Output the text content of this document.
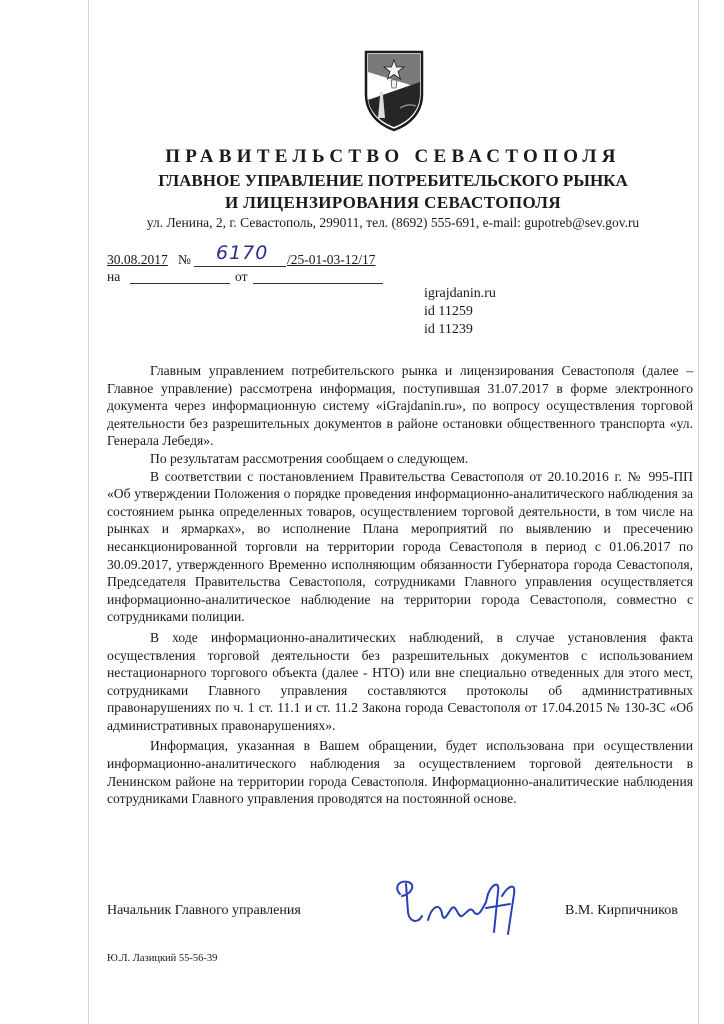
ПРАВИТЕЛЬСТВО СЕВАСТОПОЛЯ
ГЛАВНОЕ УПРАВЛЕНИЕ ПОТРЕБИТЕЛЬСКОГО РЫНКА
И ЛИЦЕНЗИРОВАНИЯ СЕВАСТОПОЛЯ
ул. Ленина, 2, г. Севастополь, 299011, тел. (8692) 555-691, e-mail: gupotreb@sev.gov.ru
30.08.2017 № 6170 /25-01-03-12/17
на	от
igrajdanin.ru
id 11259
id 11239

Главным управлением потребительского рынка и лицензирования Севастополя (далее – Главное управление) рассмотрена информация, поступившая 31.07.2017 в форме электронного документа через информационную систему «iGrajdanin.ru», по вопросу осуществления торговой деятельности без разрешительных документов в районе остановки общественного транспорта «ул. Генерала Лебедя».

По результатам рассмотрения сообщаем о следующем.

В соответствии с постановлением Правительства Севастополя от 20.10.2016 г. № 995-ПП «Об утверждении Положения о порядке проведения информационно-аналитического наблюдения за состоянием рынка определенных товаров, осуществлением торговой деятельности, в том числе на рынках и ярмарках», во исполнение Плана мероприятий по выявлению и пресечению несанкционированной торговли на территории города Севастополя в период с 01.06.2017 по 30.09.2017, утвержденного Временно исполняющим обязанности Губернатора города Севастополя, Председателя Правительства Севастополя, сотрудниками Главного управления осуществляется информационно-аналитическое наблюдение на территории города Севастополя, совместно с сотрудниками полиции.

В ходе информационно-аналитических наблюдений, в случае установления факта осуществления торговой деятельности без разрешительных документов с использованием нестационарного торгового объекта (далее - НТО) или вне специально отведенных для этого мест, сотрудниками Главного управления составляются протоколы об административных правонарушениях по ч. 1 ст. 11.1 и ст. 11.2 Закона города Севастополя от 17.04.2015 № 130-ЗС «Об административных правонарушениях».

Информация, указанная в Вашем обращении, будет использована при осуществлении информационно-аналитического наблюдения за осуществлением торговой деятельности в Ленинском районе на территории города Севастополя. Информационно-аналитические наблюдения сотрудниками Главного управления проводятся на постоянной основе.

Начальник Главного управления	В.М. Кирпичников
Ю.Л. Лазицкий 55-56-39
